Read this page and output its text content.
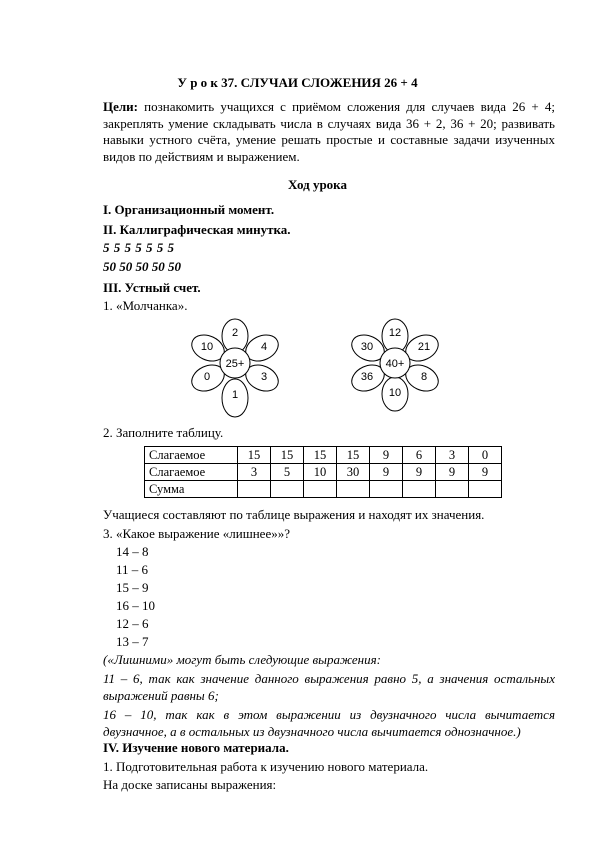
У р о к 37. СЛУЧАИ СЛОЖЕНИЯ 26 + 4
Цели: познакомить учащихся с приёмом сложения для случаев вида 26 + 4; закреплять умение складывать числа в случаях вида 36 + 2, 36 + 20; развивать навыки устного счёта, умение решать простые и составные задачи изученных видов по действиям и выражением.
Ход урока
I. Организационный момент.
II. Каллиграфическая минутка.
5 5 5 5 5 5 5
50 50 50 50 50
III. Устный счет.
1. «Молчанка».
25+
2
4
3
1
0
10
40+
12
21
8
10
36
30
2. Заполните таблицу.
Слагаемое	15	15	15	15	9	6	3	0
Слагаемое	3	5	10	30	9	9	9	9
Сумма								
Учащиеся составляют по таблице выражения и находят их значения.
3. «Какое выражение «лишнее»»?
14 – 8
11 – 6
15 – 9
16 – 10
12 – 6
13 – 7
(«Лишними» могут быть следующие выражения:
11 – 6, так как значение данного выражения равно 5, а значения остальных выражений равны 6;
16 – 10, так как в этом выражении из двузначного числа вычитается двузначное, а в остальных из двузначного числа вычитается однозначное.)
IV. Изучение нового материала.
1. Подготовительная работа к изучению нового материала.
На доске записаны выражения:
